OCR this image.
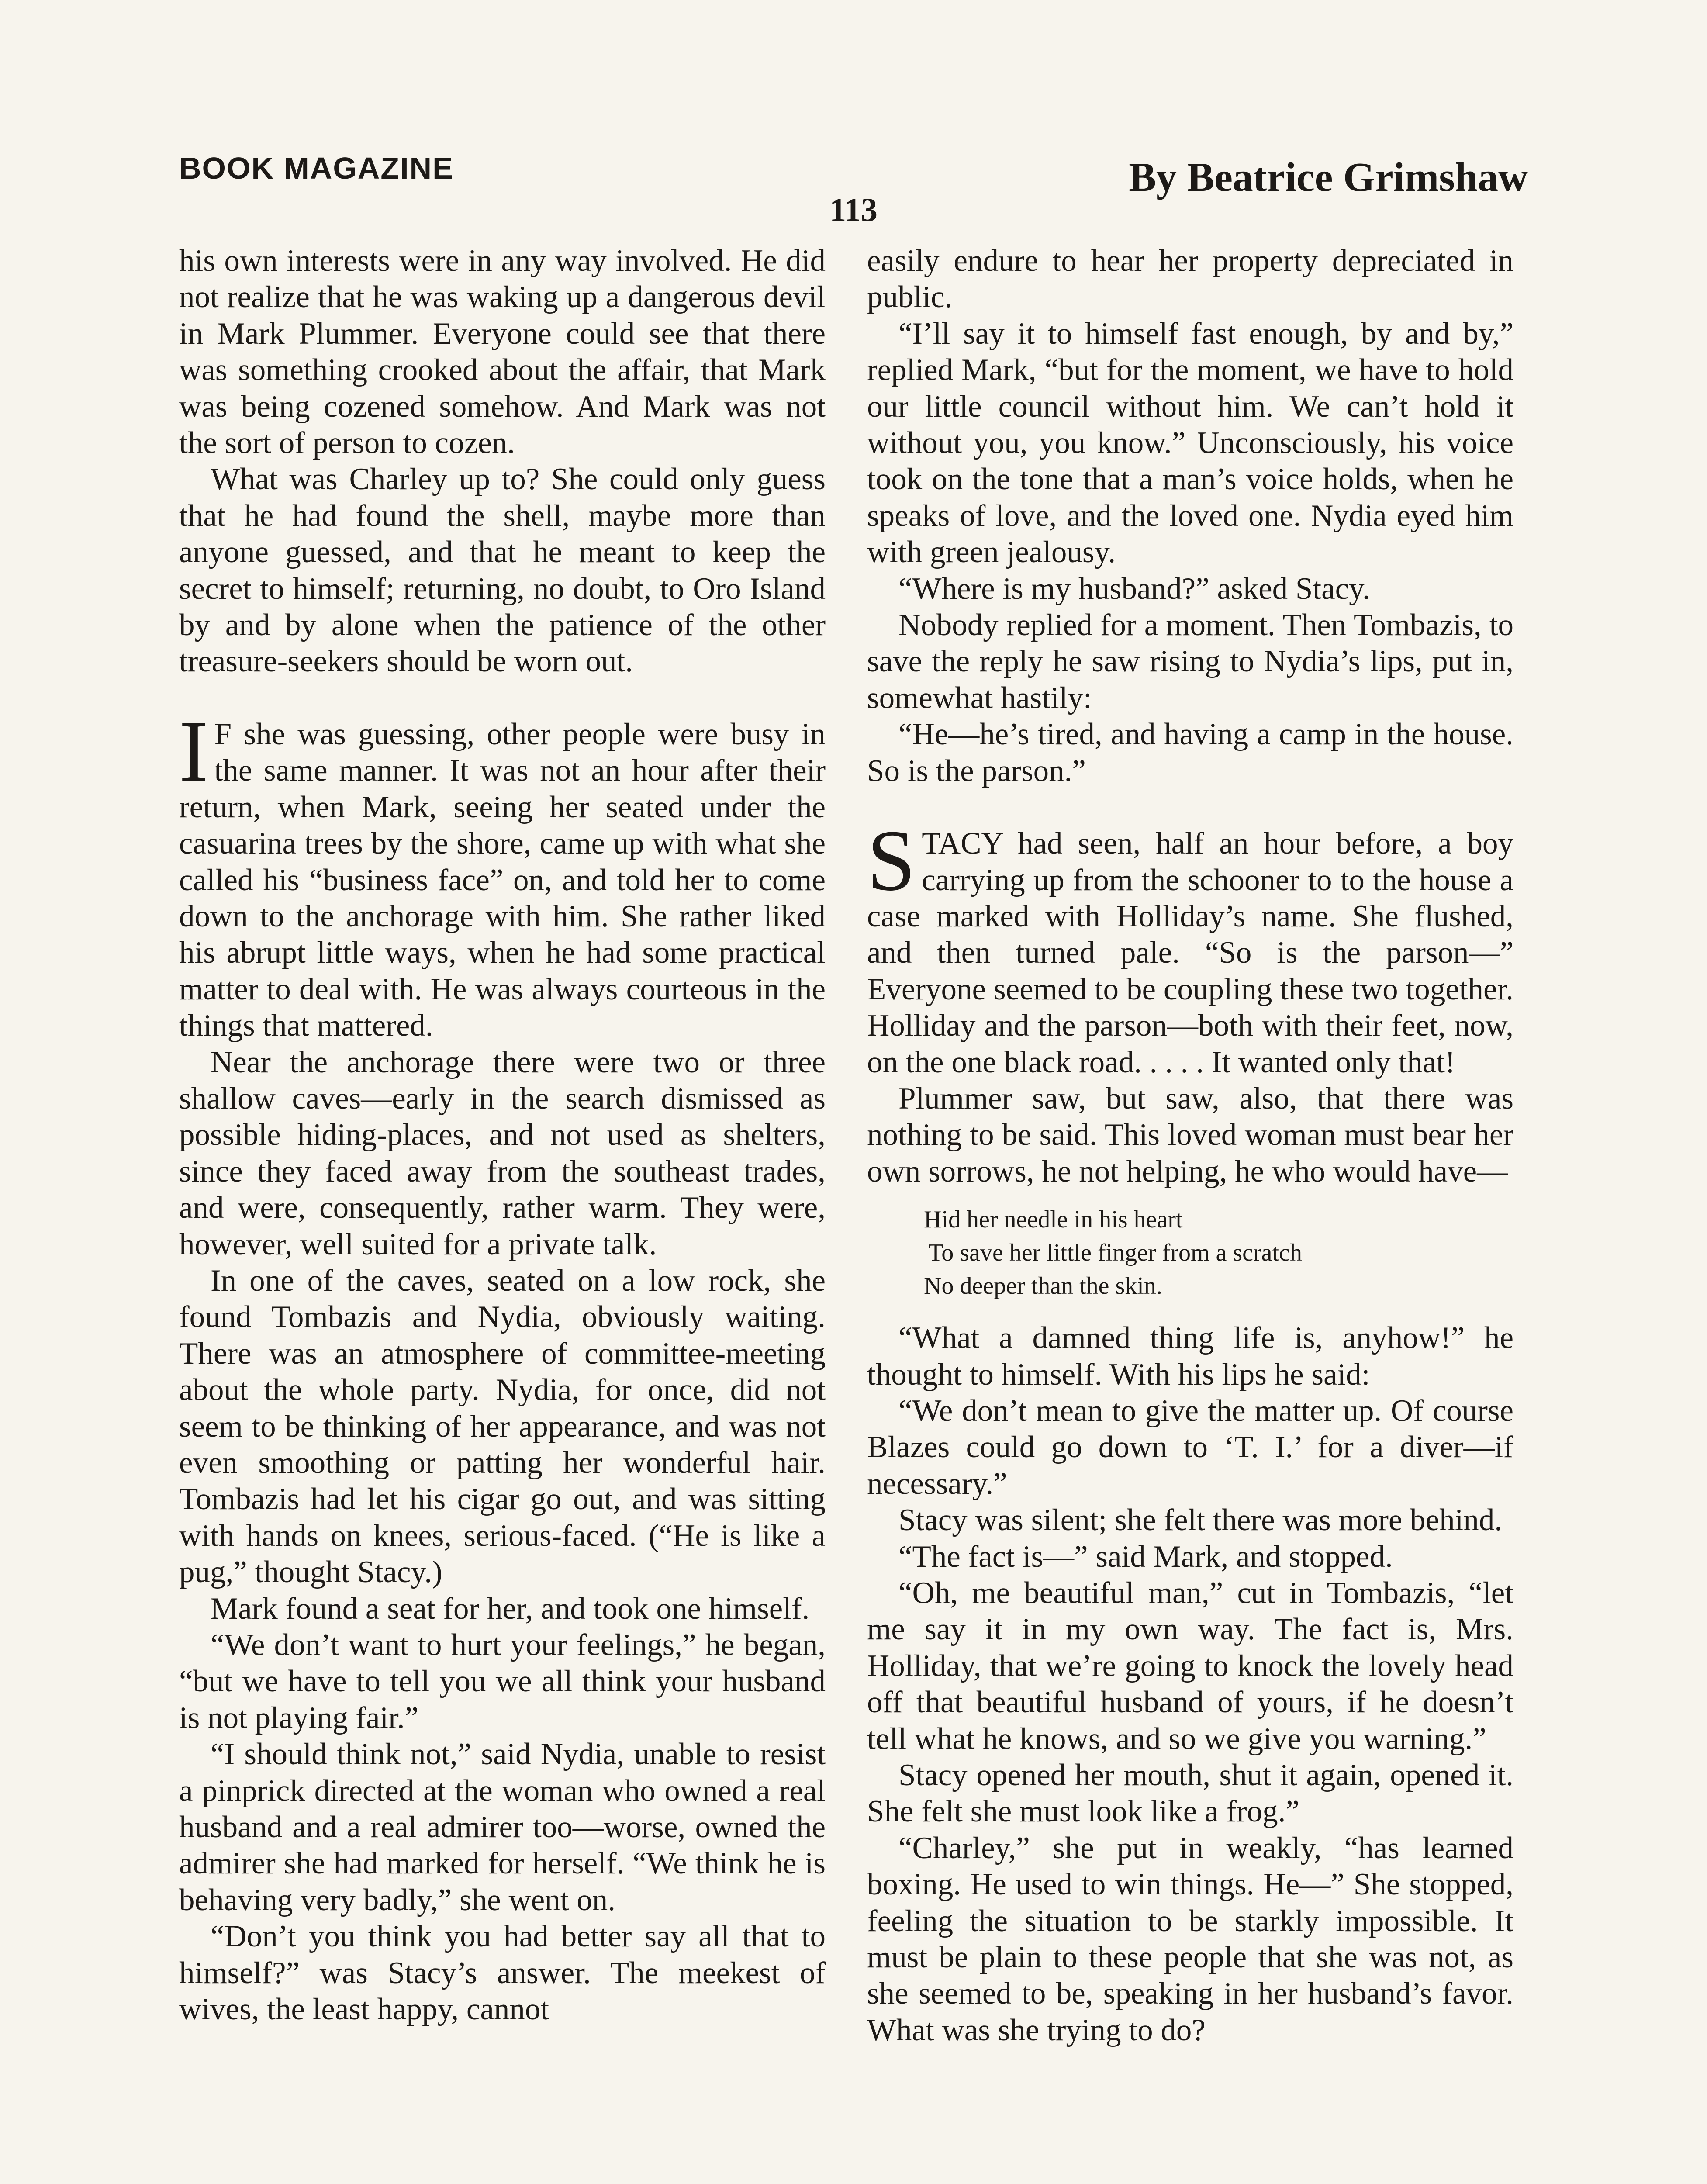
BOOK MAGAZINE	By Beatrice Grimshaw
113

his own interests were in any way involved. He did not realize that he was waking up a dangerous devil in Mark Plummer. Everyone could see that there was something crooked about the affair, that Mark was being cozened somehow. And Mark was not the sort of person to cozen.

What was Charley up to? She could only guess that he had found the shell, maybe more than anyone guessed, and that he meant to keep the secret to himself; returning, no doubt, to Oro Island by and by alone when the patience of the other treasure-seekers should be worn out.

IF she was guessing, other people were busy in the same manner. It was not an hour after their return, when Mark, seeing her seated under the casuarina trees by the shore, came up with what she called his “business face” on, and told her to come down to the anchorage with him. She rather liked his abrupt little ways, when he had some practical matter to deal with. He was always courteous in the things that mattered.

Near the anchorage there were two or three shallow caves—early in the search dismissed as possible hiding-places, and not used as shelters, since they faced away from the southeast trades, and were, consequently, rather warm. They were, however, well suited for a private talk.

In one of the caves, seated on a low rock, she found Tombazis and Nydia, obviously waiting. There was an atmosphere of committee-meeting about the whole party. Nydia, for once, did not seem to be thinking of her appearance, and was not even smoothing or patting her wonderful hair. Tombazis had let his cigar go out, and was sitting with hands on knees, serious-faced. (“He is like a pug,” thought Stacy.)

Mark found a seat for her, and took one himself.

“We don’t want to hurt your feelings,” he began, “but we have to tell you we all think your husband is not playing fair.”

“I should think not,” said Nydia, unable to resist a pinprick directed at the woman who owned a real husband and a real admirer too—worse, owned the admirer she had marked for herself. “We think he is behaving very badly,” she went on.

“Don’t you think you had better say all that to himself?” was Stacy’s answer. The meekest of wives, the least happy, cannot

easily endure to hear her property depreciated in public.

“I’ll say it to himself fast enough, by and by,” replied Mark, “but for the moment, we have to hold our little council without him. We can’t hold it without you, you know.” Unconsciously, his voice took on the tone that a man’s voice holds, when he speaks of love, and the loved one. Nydia eyed him with green jealousy.

“Where is my husband?” asked Stacy.

Nobody replied for a moment. Then Tombazis, to save the reply he saw rising to Nydia’s lips, put in, somewhat hastily:

“He—he’s tired, and having a camp in the house. So is the parson.”

STACY had seen, half an hour before, a boy carrying up from the schooner to to the house a case marked with Holliday’s name. She flushed, and then turned pale. “So is the parson—” Everyone seemed to be coupling these two together. Holliday and the parson—both with their feet, now, on the one black road. . . . . It wanted only that!

Plummer saw, but saw, also, that there was nothing to be said. This loved woman must bear her own sorrows, he not helping, he who would have—

Hid her needle in his heart
To save her little finger from a scratch
No deeper than the skin.

“What a damned thing life is, anyhow!” he thought to himself. With his lips he said:

“We don’t mean to give the matter up. Of course Blazes could go down to ‘T. I.’ for a diver—if necessary.”

Stacy was silent; she felt there was more behind.

“The fact is—” said Mark, and stopped.

“Oh, me beautiful man,” cut in Tombazis, “let me say it in my own way. The fact is, Mrs. Holliday, that we’re going to knock the lovely head off that beautiful husband of yours, if he doesn’t tell what he knows, and so we give you warning.”

Stacy opened her mouth, shut it again, opened it. She felt she must look like a frog.”

“Charley,” she put in weakly, “has learned boxing. He used to win things. He—” She stopped, feeling the situation to be starkly impossible. It must be plain to these people that she was not, as she seemed to be, speaking in her husband’s favor. What was she trying to do?
